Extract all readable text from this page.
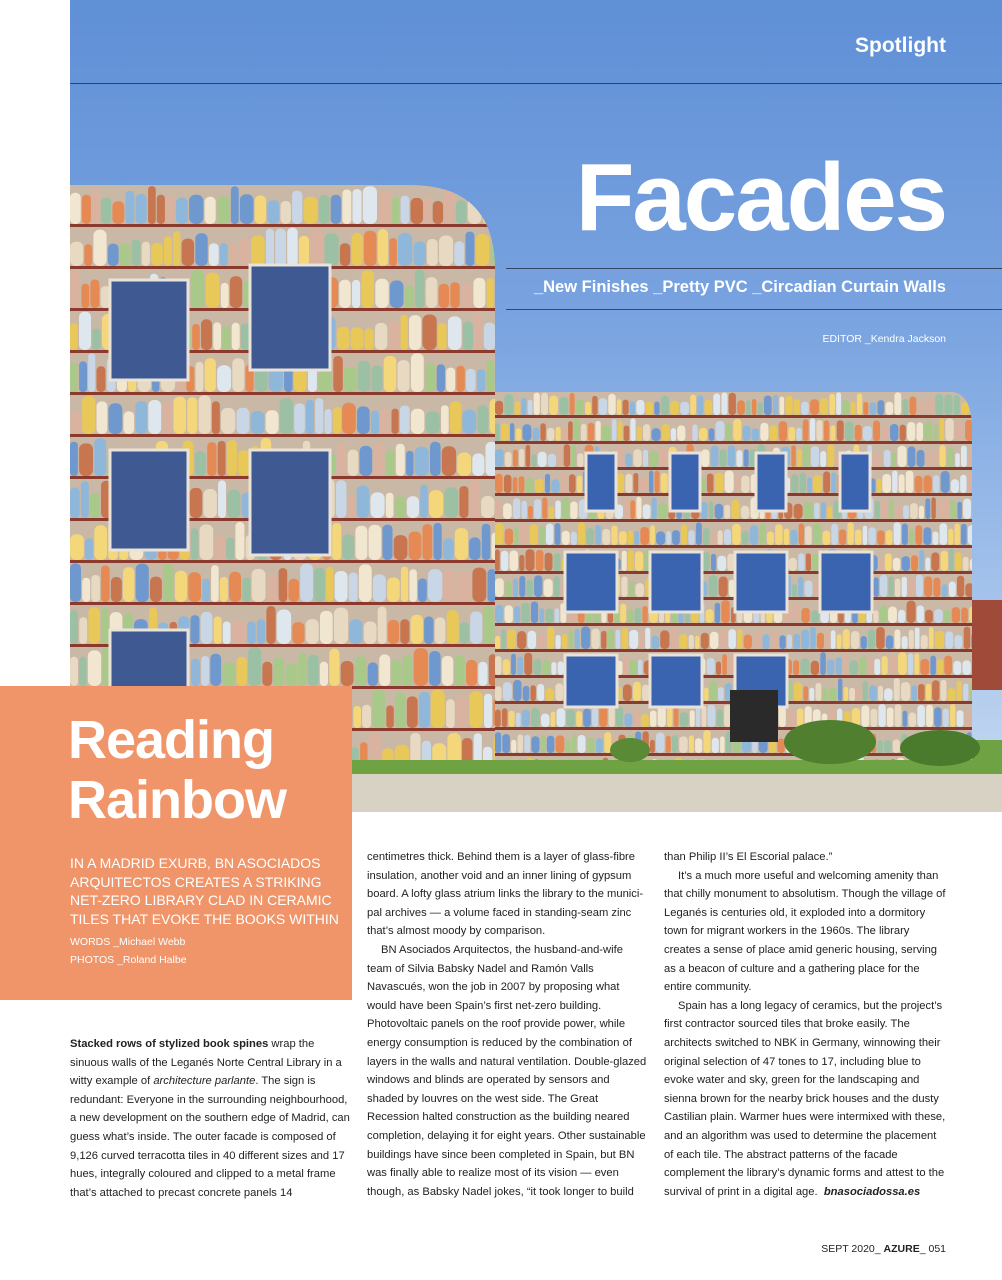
Spotlight
Facades
_New Finishes _Pretty PVC _Circadian Curtain Walls
EDITOR _Kendra Jackson
Reading
Rainbow

IN A MADRID EXURB, BN ASOCIADOS ARQUITECTOS CREATES A STRIKING NET-ZERO LIBRARY CLAD IN CERAMIC TILES THAT EVOKE THE BOOKS WITHIN

WORDS _Michael Webb
PHOTOS _Roland Halbe

Stacked rows of stylized book spines wrap the sinuous walls of the Leganés Norte Central Library in a witty example of architecture parlante. The sign is redundant: Everyone in the surrounding neighbourhood, a new development on the southern edge of Madrid, can guess what’s inside. The outer facade is composed of 9,126 curved terracotta tiles in 40 different sizes and 17 hues, integrally coloured and clipped to a metal frame that’s attached to precast concrete panels 14

centimetres thick. Behind them is a layer of glass-fibre insulation, another void and an inner lining of gypsum board. A lofty glass atrium links the library to the municipal archives — a volume faced in standing-seam zinc that’s almost moody by comparison.

BN Asociados Arquitectos, the husband-and-wife team of Silvia Babsky Nadel and Ramón Valls Navascués, won the job in 2007 by proposing what would have been Spain’s first net-zero building. Photovoltaic panels on the roof provide power, while energy consumption is reduced by the combination of layers in the walls and natural ventilation. Double-glazed windows and blinds are operated by sensors and shaded by louvres on the west side. The Great Recession halted construction as the building neared completion, delaying it for eight years. Other sustainable buildings have since been completed in Spain, but BN was finally able to realize most of its vision — even though, as Babsky Nadel jokes, “it took longer to build

than Philip II’s El Escorial palace.”

It’s a much more useful and welcoming amenity than that chilly monument to absolutism. Though the village of Leganés is centuries old, it exploded into a dormitory town for migrant workers in the 1960s. The library creates a sense of place amid generic housing, serving as a beacon of culture and a gathering place for the entire community.

Spain has a long legacy of ceramics, but the project’s first contractor sourced tiles that broke easily. The architects switched to NBK in Germany, winnowing their original selection of 47 tones to 17, including blue to evoke water and sky, green for the landscaping and sienna brown for the nearby brick houses and the dusty Castilian plain. Warmer hues were intermixed with these, and an algorithm was used to determine the placement of each tile. The abstract patterns of the facade complement the library’s dynamic forms and attest to the survival of print in a digital age. bnasociadossa.es

SEPT 2020_ AZURE_ 051
